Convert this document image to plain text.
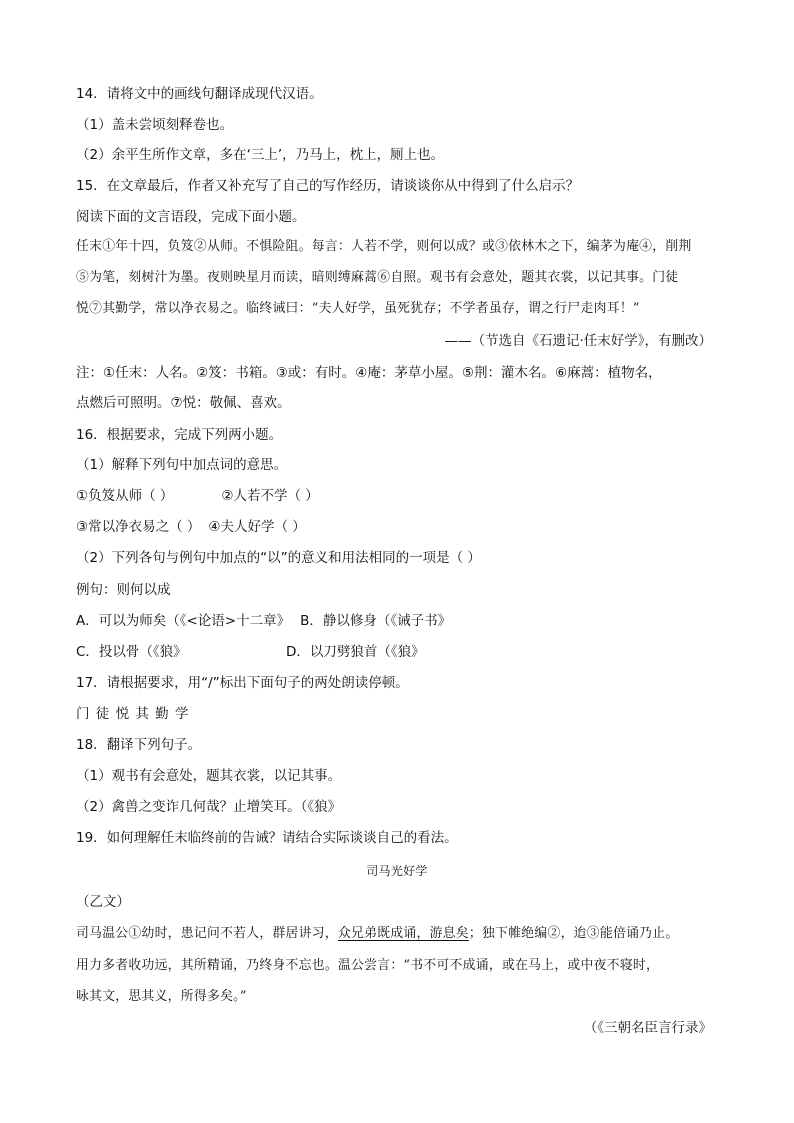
14．请将文中的画线句翻译成现代汉语。
（1）盖未尝顷刻释卷也。
（2）余平生所作文章，多在‘三上’，乃马上，枕上，厕上也。
15．在文章最后，作者又补充写了自己的写作经历，请谈谈你从中得到了什么启示？
阅读下面的文言语段，完成下面小题。
任末①年十四，负笈②从师。不惧险阻。每言：人若不学，则何以成？或③依林木之下，编茅为庵④，削荆
⑤为笔，刻树汁为墨。夜则映星月而读，暗则缚麻蒿⑥自照。观书有会意处，题其衣裳，以记其事。门徒
悦⑦其勤学，常以净衣易之。临终诫曰：“夫人好学，虽死犹存；不学者虽存，谓之行尸走肉耳！”
——（节选自《石遗记·任末好学》，有删改）
注：①任末：人名。②笈：书箱。③或：有时。④庵：茅草小屋。⑤荆：灌木名。⑥麻蒿：植物名，
点燃后可照明。⑦悦：敬佩、喜欢。
16．根据要求，完成下列两小题。
（1）解释下列句中加点词的意思。
①负笈从师（ ）	②人若不学（ ）
③常以净衣易之（ ） ④夫人好学（ ）
（2）下列各句与例句中加点的“以”的意义和用法相同的一项是（ ）
例句：则何以成
A．可以为师矣（《<论语>十二章》 B．静以修身（《诫子书》
C．投以骨（《狼》	D．以刀劈狼首（《狼》
17．请根据要求，用“/”标出下面句子的两处朗读停顿。
门 徒 悦 其 勤 学
18．翻译下列句子。
（1）观书有会意处，题其衣裳，以记其事。
（2）禽兽之变诈几何哉？止增笑耳。（《狼》
19．如何理解任末临终前的告诫？请结合实际谈谈自己的看法。
司马光好学
（乙文）
司马温公①幼时，患记问不若人，群居讲习，众兄弟既成诵，游息矣；独下帷绝编②，迨③能倍诵乃止。
用力多者收功远，其所精诵，乃终身不忘也。温公尝言：“书不可不成诵，或在马上，或中夜不寝时，
咏其文，思其义，所得多矣。”
（《三朝名臣言行录》
